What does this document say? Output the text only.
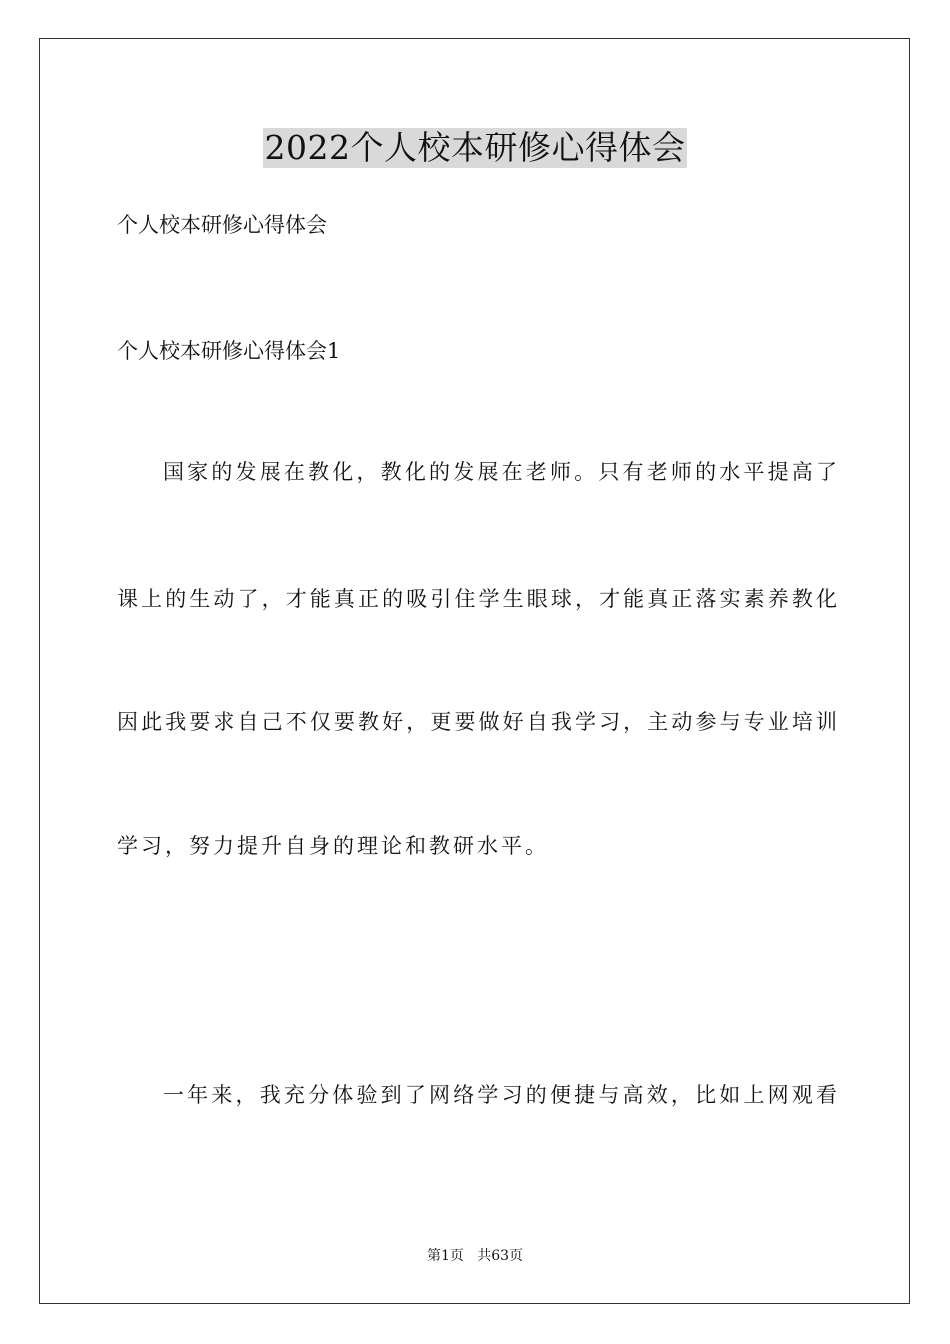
2022个人校本研修心得体会
个人校本研修心得体会
个人校本研修心得体会1
国家的发展在教化，教化的发展在老师。只有老师的水平提高了
课上的生动了，才能真正的吸引住学生眼球，才能真正落实素养教化
因此我要求自己不仅要教好，更要做好自我学习，主动参与专业培训
学习，努力提升自身的理论和教研水平。
一年来，我充分体验到了网络学习的便捷与高效，比如上网观看
第1页   共63页
